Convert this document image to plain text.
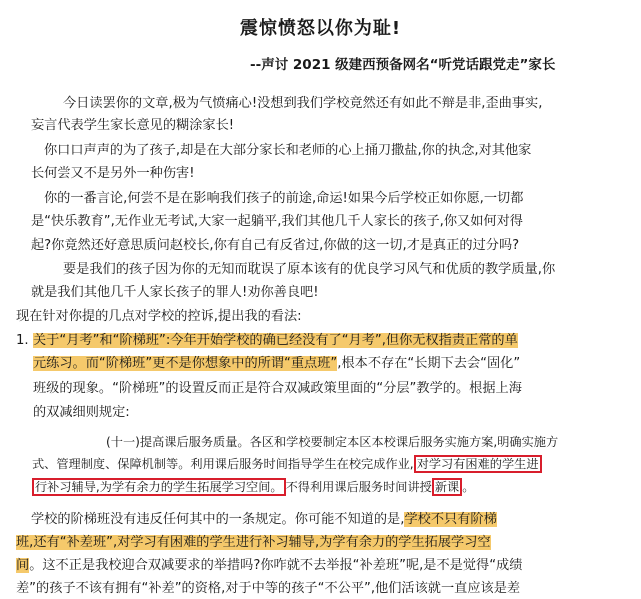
震惊愤怒以你为耻!
--声讨 2021 级建西预备网名“听党话跟党走”家长
今日读罢你的文章,极为气愤痛心!没想到我们学校竟然还有如此不辩是非,歪曲事实,
妄言代表学生家长意见的糊涂家长!
你口口声声的为了孩子,却是在大部分家长和老师的心上捅刀撒盐,你的执念,对其他家
长何尝又不是另外一种伤害!
你的一番言论,何尝不是在影响我们孩子的前途,命运!如果今后学校正如你愿,一切都
是“快乐教育”,无作业无考试,大家一起躺平,我们其他几千人家长的孩子,你又如何对得
起?你竟然还好意思质问赵校长,你有自己有反省过,你做的这一切,才是真正的过分吗?
要是我们的孩子因为你的无知而耽误了原本该有的优良学习风气和优质的教学质量,你
就是我们其他几千人家长孩子的罪人!劝你善良吧!
现在针对你提的几点对学校的控诉,提出我的看法:
1. 关于“月考”和“阶梯班”:今年开始学校的确已经没有了“月考”,但你无权指责正常的单
元练习。而“阶梯班”更不是你想象中的所谓“重点班”,根本不存在“长期下去会“固化”
班级的现象。“阶梯班”的设置反而正是符合双减政策里面的“分层”教学的。根据上海
的双减细则规定:
(十一)提高课后服务质量。各区和学校要制定本区本校课后服务实施方案,明确实施方
式、管理制度、保障机制等。利用课后服务时间指导学生在校完成作业, 对学习有困难的学生进
行补习辅导,为学有余力的学生拓展学习空间。 不得利用课后服务时间讲授 新课 。
学校的阶梯班没有违反任何其中的一条规定。你可能不知道的是,学校不只有阶梯
班,还有“补差班”,对学习有困难的学生进行补习辅导,为学有余力的学生拓展学习空
间。这不正是我校迎合双减要求的举措吗?你咋就不去举报“补差班”呢,是不是觉得“成绩
差”的孩子不该有拥有“补差”的资格,对于中等的孩子“不公平”,他们活该就一直应该是差
